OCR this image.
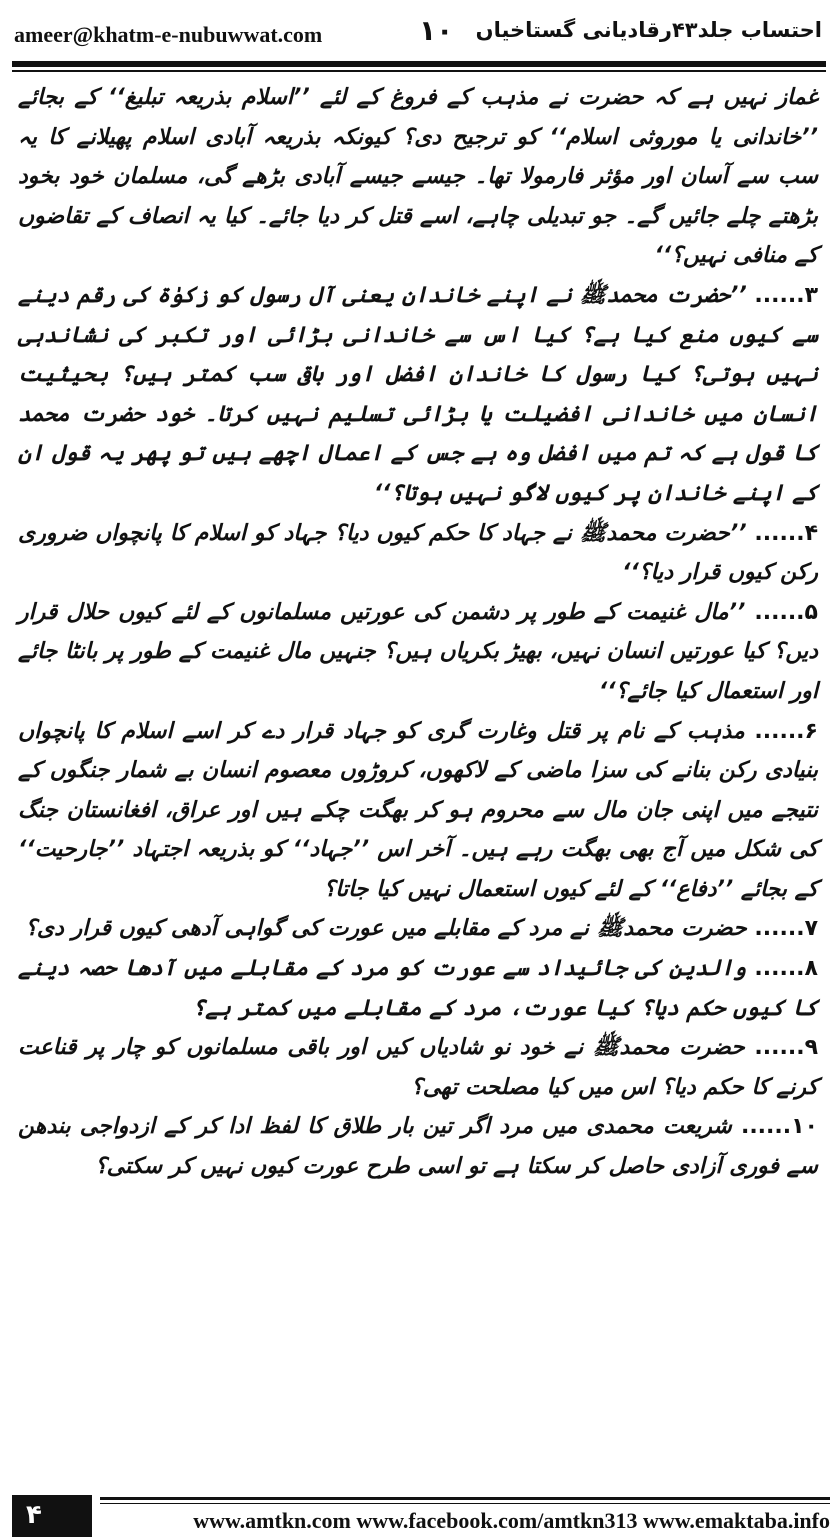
ameer@khatm-e-nubuwwat.com	۱۰ احتساب جلد۴۳رقادیانی گستاخیاں

غماز نہیں ہے کہ حضرت نے مذہب کے فروغ کے لئے ’’اسلام بذریعہ تبلیغ‘‘ کے بجائے ’’خاندانی یا موروثی اسلام‘‘ کو ترجیح دی؟ کیونکہ بذریعہ آبادی اسلام پھیلانے کا یہ سب سے آسان اور مؤثر فارمولا تھا۔ جیسے جیسے آبادی بڑھے گی، مسلمان خود بخود بڑھتے چلے جائیں گے۔ جو تبدیلی چاہے، اسے قتل کر دیا جائے۔ کیا یہ انصاف کے تقاضوں کے منافی نہیں؟‘‘

۳...... ’’حضرت محمدﷺ نے اپنے خاندان یعنی آل رسول کو زکوٰۃ کی رقم دینے سے کیوں منع کیا ہے؟ کیا اس سے خاندانی بڑائی اور تکبر کی نشاندہی نہیں ہوتی؟ کیا رسول کا خاندان افضل اور باقی سب کمتر ہیں؟ بحیثیت انسان میں خاندانی افضیلت یا بڑائی تسلیم نہیں کرتا۔ خود حضرت محمد کا قول ہے کہ تم میں افضل وہ ہے جس کے اعمال اچھے ہیں تو پھر یہ قول ان کے اپنے خاندان پر کیوں لاگو نہیں ہوتا؟‘‘

۴...... ’’حضرت محمدﷺ نے جہاد کا حکم کیوں دیا؟ جہاد کو اسلام کا پانچواں ضروری رکن کیوں قرار دیا؟‘‘

۵...... ’’مال غنیمت کے طور پر دشمن کی عورتیں مسلمانوں کے لئے کیوں حلال قرار دیں؟ کیا عورتیں انسان نہیں، بھیڑ بکریاں ہیں؟ جنہیں مال غنیمت کے طور پر بانٹا جائے اور استعمال کیا جائے؟‘‘

۶...... مذہب کے نام پر قتل وغارت گری کو جہاد قرار دے کر اسے اسلام کا پانچواں بنیادی رکن بنانے کی سزا ماضی کے لاکھوں، کروڑوں معصوم انسان بے شمار جنگوں کے نتیجے میں اپنی جان مال سے محروم ہو کر بھگت چکے ہیں اور عراق، افغانستان جنگ کی شکل میں آج بھی بھگت رہے ہیں۔ آخر اس ’’جہاد‘‘ کو بذریعہ اجتہاد ’’جارحیت‘‘ کے بجائے ’’دفاع‘‘ کے لئے کیوں استعمال نہیں کیا جاتا؟

۷...... حضرت محمدﷺ نے مرد کے مقابلے میں عورت کی گواہی آدھی کیوں قرار دی؟

۸...... والدین کی جائیداد سے عورت کو مرد کے مقابلے میں آدھا حصہ دینے کا کیوں حکم دیا؟ کیا عورت، مرد کے مقابلے میں کمتر ہے؟

۹...... حضرت محمدﷺ نے خود نو شادیاں کیں اور باقی مسلمانوں کو چار پر قناعت کرنے کا حکم دیا؟ اس میں کیا مصلحت تھی؟

۱۰...... شریعت محمدی میں مرد اگر تین بار طلاق کا لفظ ادا کر کے ازدواجی بندھن سے فوری آزادی حاصل کر سکتا ہے تو اسی طرح عورت کیوں نہیں کر سکتی؟

۴	www.amtkn.com www.facebook.com/amtkn313 www.emaktaba.info
